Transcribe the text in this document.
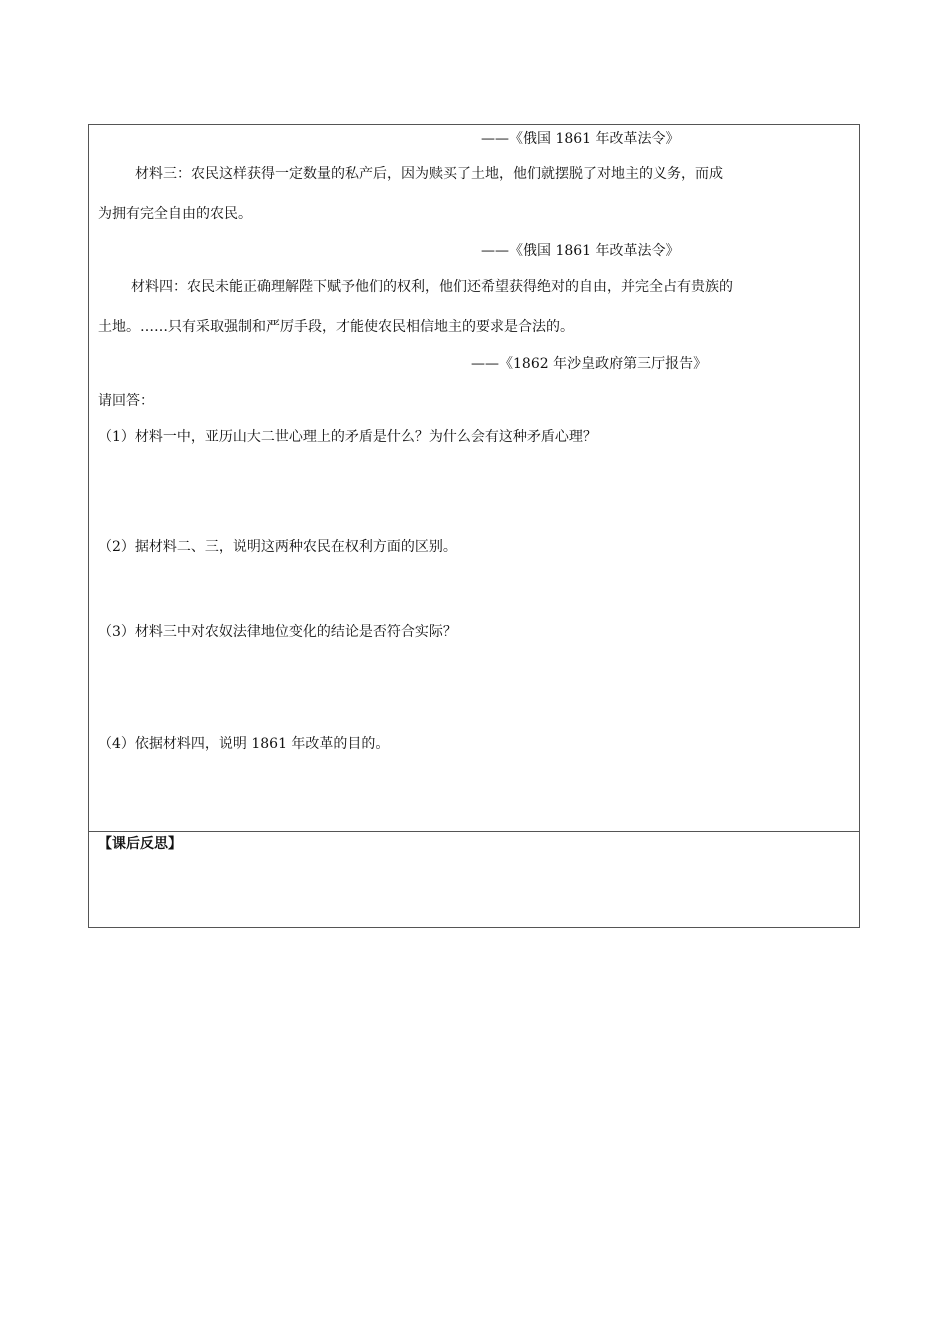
——《俄国 1861 年改革法令》
材料三：农民这样获得一定数量的私产后，因为赎买了土地，他们就摆脱了对地主的义务，而成
为拥有完全自由的农民。
——《俄国 1861 年改革法令》
材料四：农民未能正确理解陛下赋予他们的权利，他们还希望获得绝对的自由，并完全占有贵族的
土地。……只有采取强制和严厉手段，才能使农民相信地主的要求是合法的。
——《1862 年沙皇政府第三厅报告》
请回答：
（1）材料一中，亚历山大二世心理上的矛盾是什么？为什么会有这种矛盾心理？
（2）据材料二、三，说明这两种农民在权利方面的区别。
（3）材料三中对农奴法律地位变化的结论是否符合实际？
（4）依据材料四，说明 1861 年改革的目的。
【课后反思】
